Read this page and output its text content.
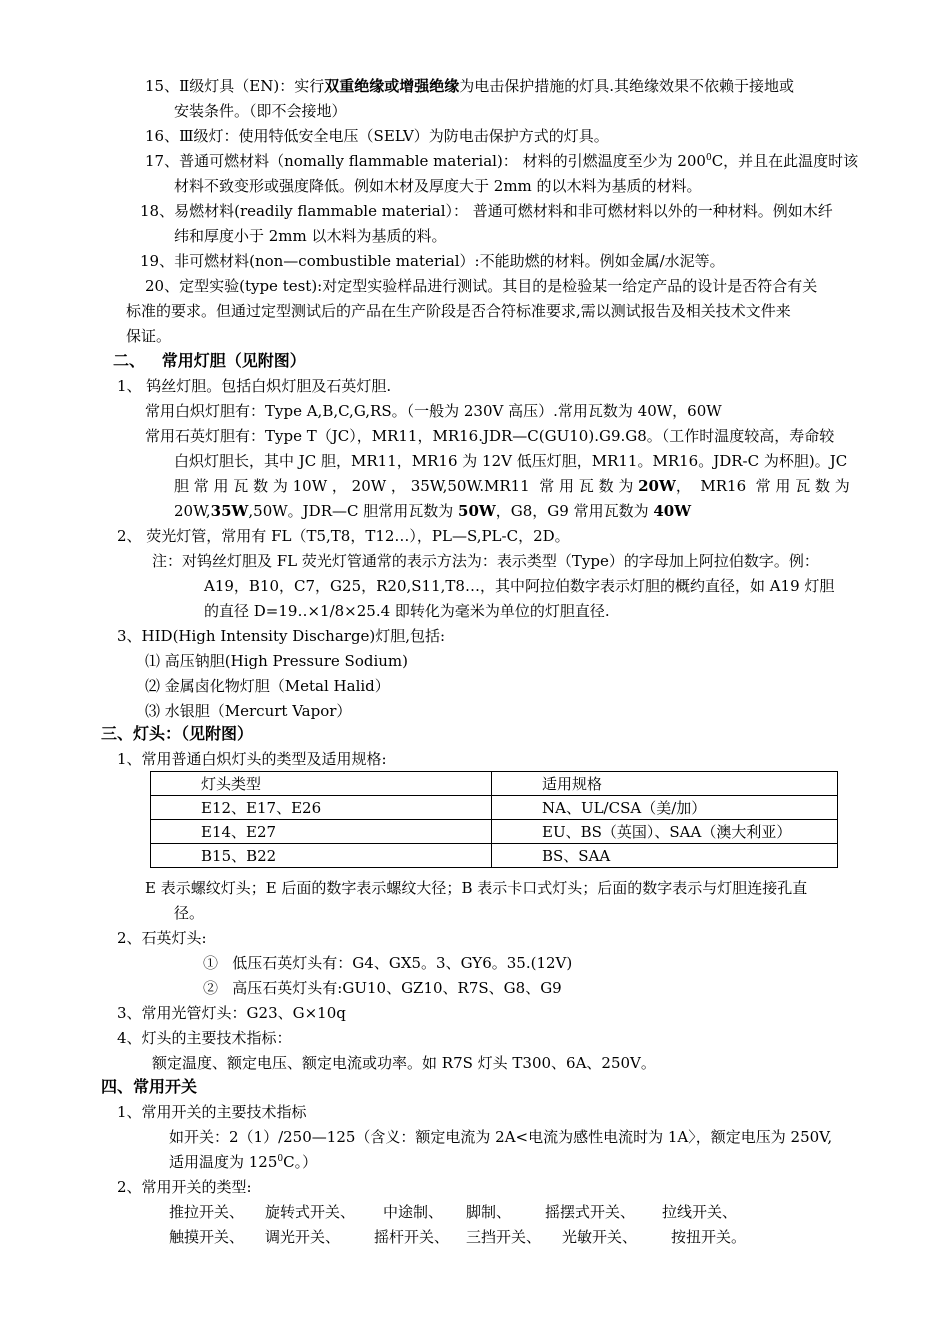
15、Ⅱ级灯具（EN)：实行双重绝缘或增强绝缘为电击保护措施的灯具.其绝缘效果不依赖于接地或
安装条件。（即不会接地）
16、Ⅲ级灯：使用特低安全电压（SELV）为防电击保护方式的灯具。
17、普通可燃材料（nomally flammable material)： 材料的引燃温度至少为 $200^0C$，并且在此温度时该
材料不致变形或强度降低。例如木材及厚度大于 2mm 的以木料为基质的材料。
18、易燃材料(readily flammable material）： 普通可燃材料和非可燃材料以外的一种材料。例如木纤
纬和厚度小于 2mm 以木料为基质的料。
19、非可燃材料(non—combustible material）:不能助燃的材料。例如金属/水泥等。
20、定型实验(type test):对定型实验样品进行测试。其目的是检验某一给定产品的设计是否符合有关
标准的要求。但通过定型测试后的产品在生产阶段是否合符标准要求,需以测试报告及相关技术文件来
保证。
二、   常用灯胆（见附图）
1、 钨丝灯胆。包括白炽灯胆及石英灯胆.
常用白炽灯胆有：Type A,B,C,G,RS。（一般为 230V 高压）.常用瓦数为 40W，60W
常用石英灯胆有：Type T（JC），MR11，MR16.JDR—C(GU10).G9.G8。（工作时温度较高，寿命较
白炽灯胆长，其中 JC 胆，MR11，MR16 为 12V 低压灯胆，MR11。MR16。JDR-C 为杯胆)。JC
胆 常 用 瓦 数 为 10W ， 20W ， 35W,50W.MR11  常 用 瓦 数 为 20W，  MR16  常 用 瓦 数 为
20W,35W,50W。JDR—C 胆常用瓦数为 50W，G8，G9 常用瓦数为 40W
2、 荧光灯管，常用有 FL（T5,T8，T12…），PL—S,PL-C，2D。
注：对钨丝灯胆及 FL 荧光灯管通常的表示方法为：表示类型（Type）的字母加上阿拉伯数字。例：
A19，B10，C7，G25，R20,S11,T8…，其中阿拉伯数字表示灯胆的概约直径，如 A19 灯胆
的直径 D=19‥×1/8×25.4 即转化为毫米为单位的灯胆直径.
3、HID(High Intensity Discharge)灯胆,包括:
⑴ 高压钠胆(High Pressure Sodium)
⑵ 金属卤化物灯胆（Metal Halid）
⑶ 水银胆（Mercurt Vapor）
三、灯头：（见附图）
1、常用普通白炽灯头的类型及适用规格:
灯头类型	适用规格
E12、E17、E26	NA、UL/CSA（美/加）
E14、E27	EU、BS（英国）、SAA（澳大利亚）
B15、B22	BS、SAA
E 表示螺纹灯头；E 后面的数字表示螺纹大径；B 表示卡口式灯头；后面的数字表示与灯胆连接孔直
径。
2、石英灯头:
①   低压石英灯头有：G4、GX5。3、GY6。35.(12V)
②   高压石英灯头有:GU10、GZ10、R7S、G8、G9
3、常用光管灯头：G23、G×10q
4、灯头的主要技术指标：
额定温度、额定电压、额定电流或功率。如 R7S 灯头 T300、6A、250V。
四、常用开关
1、常用开关的主要技术指标
如开关：2（1）/250—125（含义：额定电流为 2A<电流为感性电流时为 1A〉，额定电压为 250V,
适用温度为 $125^0C$。）
2、常用开关的类型:
推拉开关、 旋转式开关、 中途制、 脚制、 摇摆式开关、 拉线开关、
触摸开关、 调光开关、 摇杆开关、 三挡开关、 光敏开关、 按扭开关。
